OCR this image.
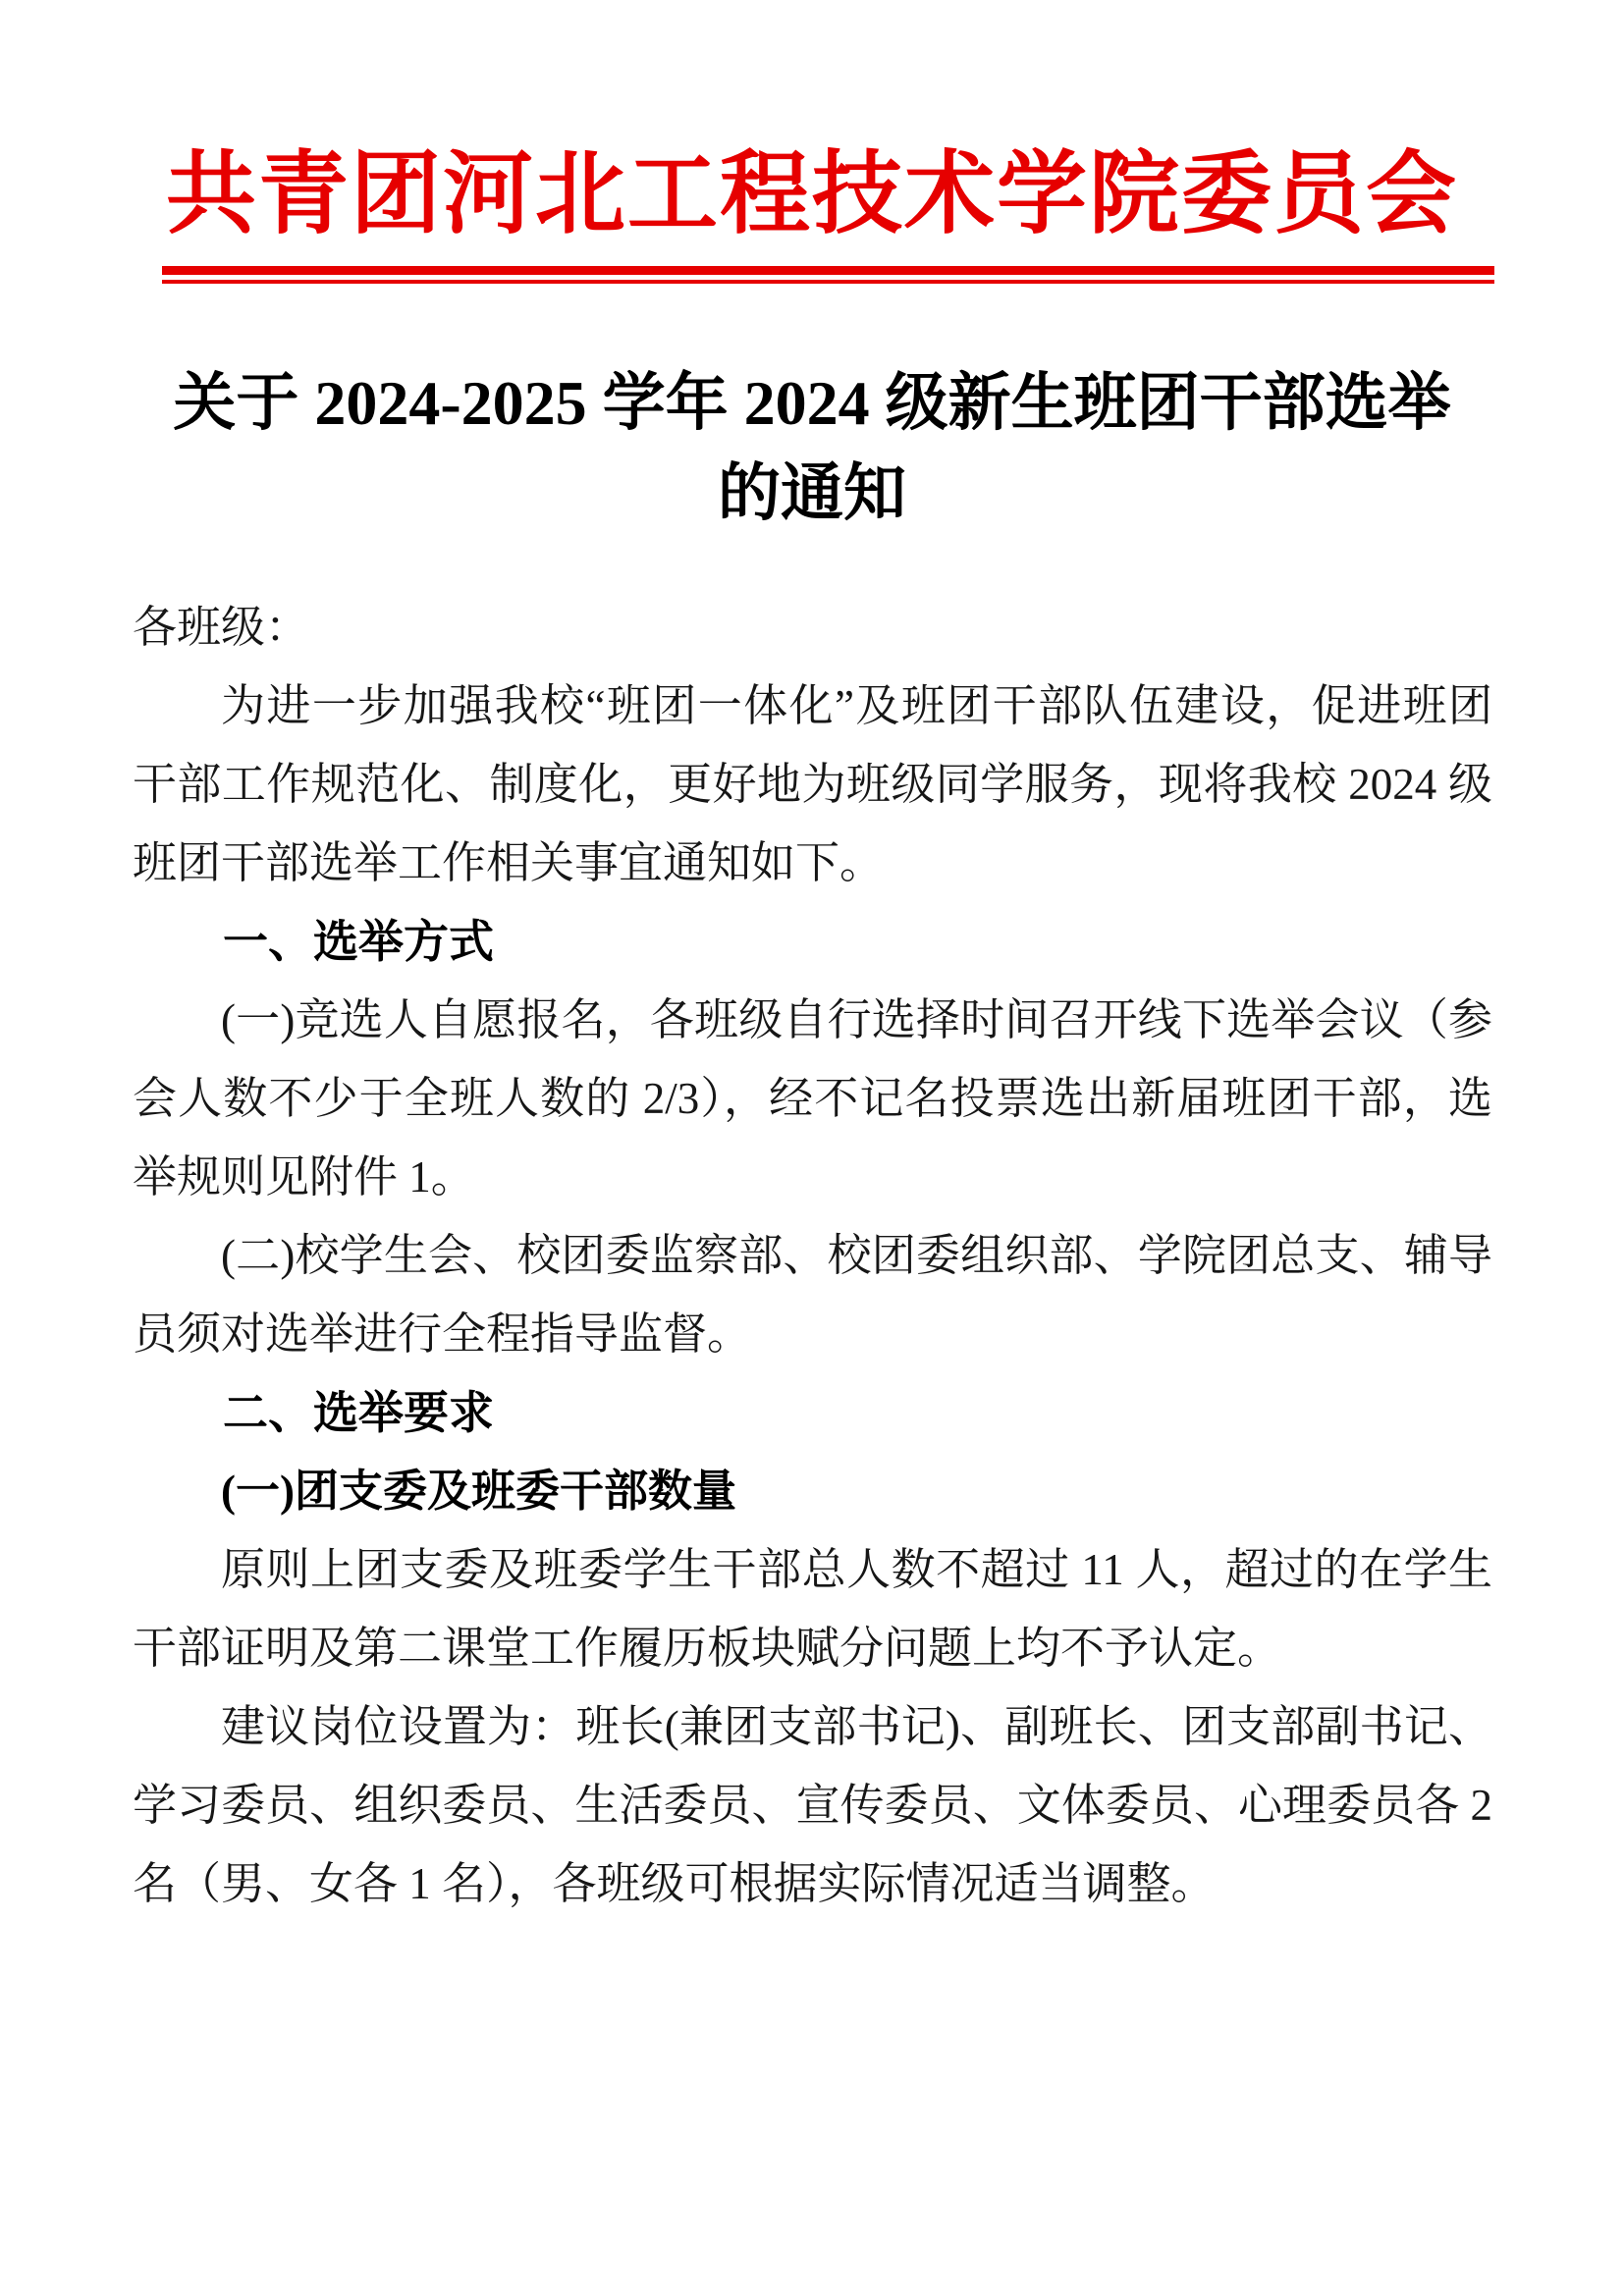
共青团河北工程技术学院委员会
关于 2024-2025 学年 2024 级新生班团干部选举
的通知

各班级：

为进一步加强我校“班团一体化”及班团干部队伍建设，促进班团干部工作规范化、制度化，更好地为班级同学服务，现将我校 2024 级班团干部选举工作相关事宜通知如下。

一、选举方式

(一)竞选人自愿报名，各班级自行选择时间召开线下选举会议（参会人数不少于全班人数的 2/3），经不记名投票选出新届班团干部，选举规则见附件 1。

(二)校学生会、校团委监察部、校团委组织部、学院团总支、辅导员须对选举进行全程指导监督。

二、选举要求

(一)团支委及班委干部数量

原则上团支委及班委学生干部总人数不超过 11 人，超过的在学生干部证明及第二课堂工作履历板块赋分问题上均不予认定。

建议岗位设置为：班长(兼团支部书记)、副班长、团支部副书记、学习委员、组织委员、生活委员、宣传委员、文体委员、心理委员各 2 名（男、女各 1 名），各班级可根据实际情况适当调整。
